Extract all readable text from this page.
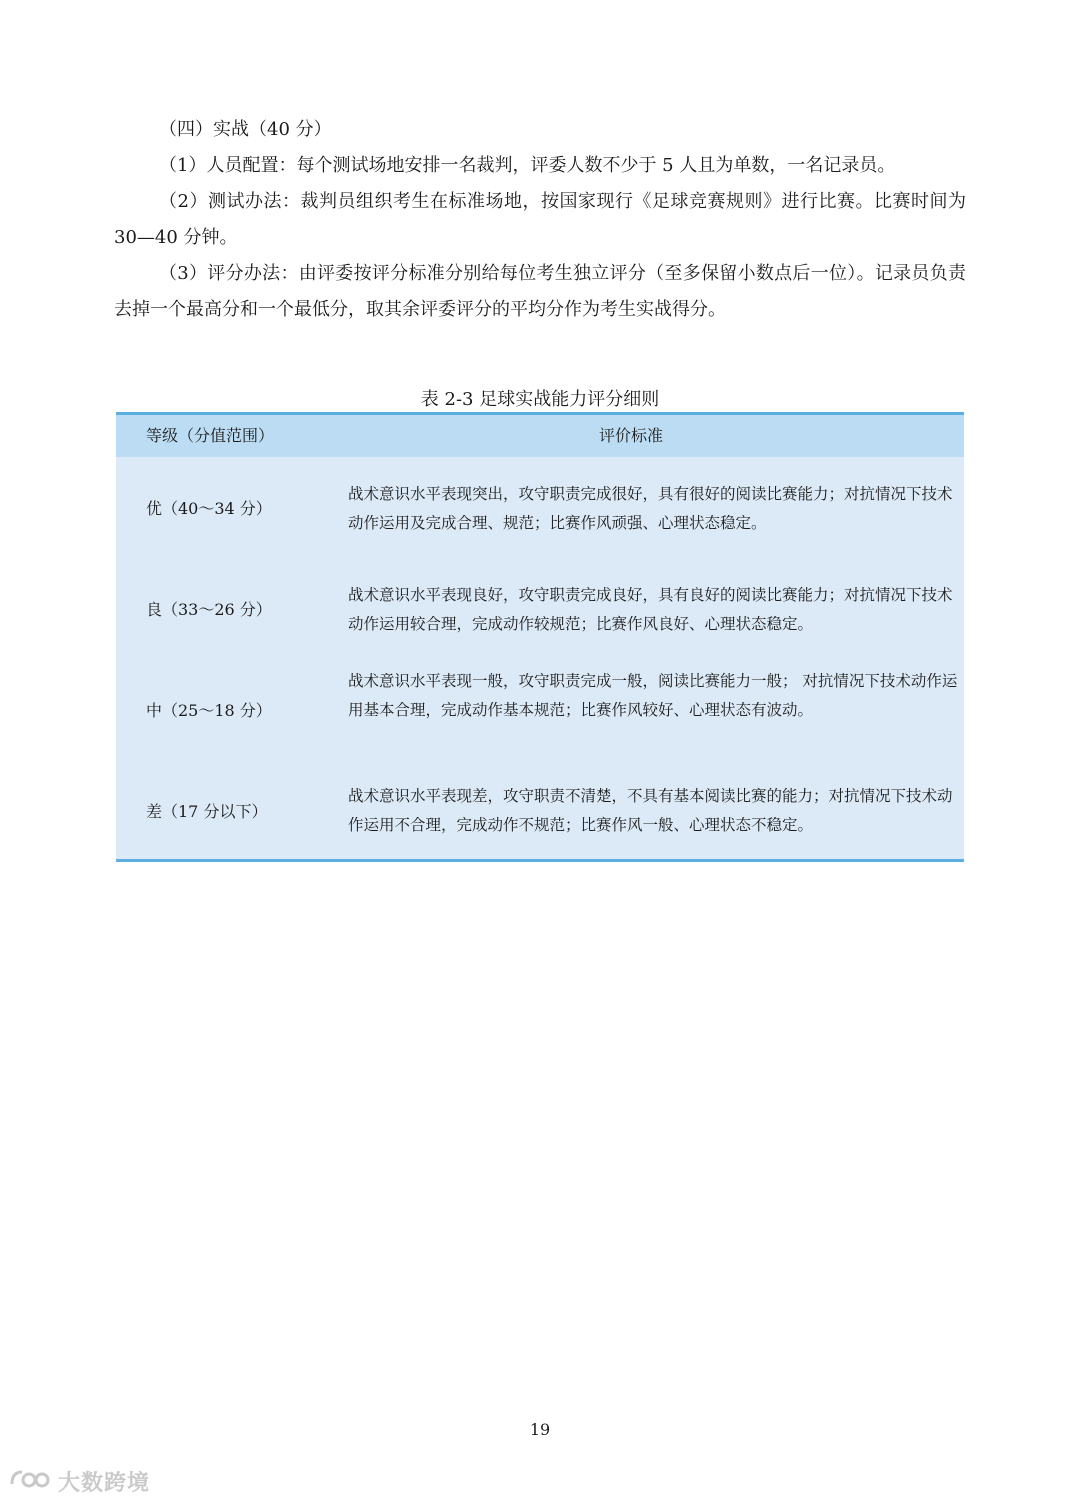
（四）实战（40 分）

（1）人员配置：每个测试场地安排一名裁判，评委人数不少于 5 人且为单数，一名记录员。

（2）测试办法：裁判员组织考生在标准场地，按国家现行《足球竞赛规则》进行比赛。比赛时间为 30—40 分钟。

（3）评分办法：由评委按评分标准分别给每位考生独立评分（至多保留小数点后一位）。记录员负责去掉一个最高分和一个最低分，取其余评委评分的平均分作为考生实战得分。

表 2-3 足球实战能力评分细则
等级（分值范围）	评价标准
优（40～34 分）

战术意识水平表现突出，攻守职责完成很好，具有很好的阅读比赛能力；对抗情况下技术动作运用及完成合理、规范；比赛作风顽强、心理状态稳定。

良（33～26 分）

战术意识水平表现良好，攻守职责完成良好，具有良好的阅读比赛能力；对抗情况下技术动作运用较合理，完成动作较规范；比赛作风良好、心理状态稳定。

中（25～18 分）

战术意识水平表现一般，攻守职责完成一般，阅读比赛能力一般； 对抗情况下技术动作运用基本合理，完成动作基本规范；比赛作风较好、心理状态有波动。

差（17 分以下）

战术意识水平表现差，攻守职责不清楚，不具有基本阅读比赛的能力；对抗情况下技术动作运用不合理，完成动作不规范；比赛作风一般、心理状态不稳定。

19
大数跨境
